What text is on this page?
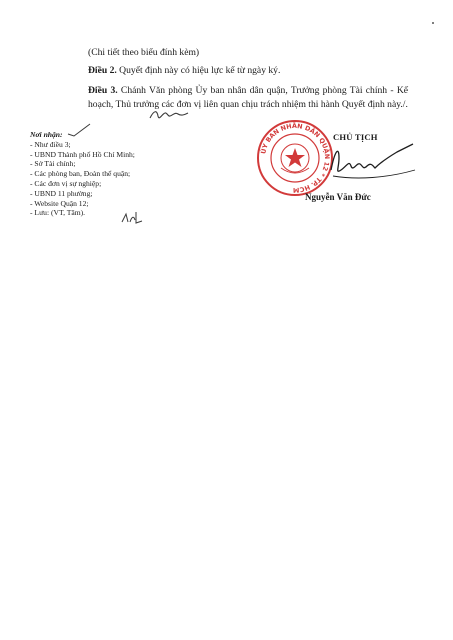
(Chi tiết theo biểu đính kèm)
Điều 2. Quyết định này có hiệu lực kể từ ngày ký.
Điều 3. Chánh Văn phòng Ủy ban nhân dân quận, Trưởng phòng Tài chính - Kế hoạch, Thủ trưởng các đơn vị liên quan chịu trách nhiệm thi hành Quyết định này./.
Nơi nhận:
- Như điều 3;
- UBND Thành phố Hồ Chí Minh;
- Sở Tài chính;
- Các phòng ban, Đoàn thể quận;
- Các đơn vị sự nghiệp;
- UBND 11 phường;
- Website Quận 12;
- Lưu: (VT, Tâm).
ỦY BAN NHÂN DÂN QUẬN 12 * TP. HCM
CHỦ TỊCH
Nguyễn Văn Đức
